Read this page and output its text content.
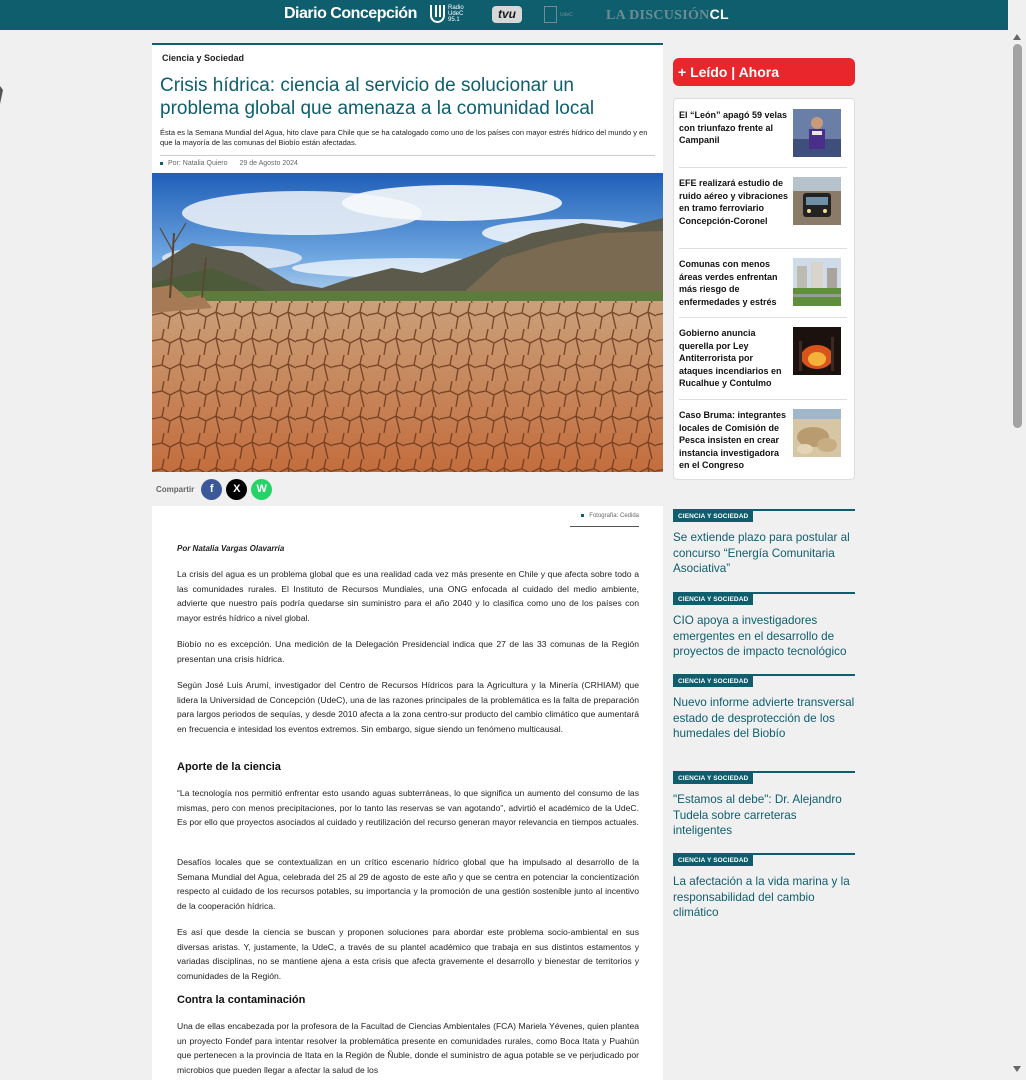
Diario Concepción	Radio UdeC 95.1	tvu	UdeC LA DISCUSIÓNCL
Ciencia y Sociedad
Crisis hídrica: ciencia al servicio de solucionar un problema global que amenaza a la comunidad local
Ésta es la Semana Mundial del Agua, hito clave para Chile que se ha catalogado como uno de los países con mayor estrés hídrico del mundo y en que la mayoría de las comunas del Biobío están afectadas.
Por: Natalia Quiero 29 de Agosto 2024
Compartir	f	X	W
Fotografía: Cedida
Por Natalia Vargas Olavarría

La crisis del agua es un problema global que es una realidad cada vez más presente en Chile y que afecta sobre todo a las comunidades rurales. El Instituto de Recursos Mundiales, una ONG enfocada al cuidado del medio ambiente, advierte que nuestro país podría quedarse sin suministro para el año 2040 y lo clasifica como uno de los países con mayor estrés hídrico a nivel global.

Biobío no es excepción. Una medición de la Delegación Presidencial indica que 27 de las 33 comunas de la Región presentan una crisis hídrica.

Según José Luis Arumí, investigador del Centro de Recursos Hídricos para la Agricultura y la Minería (CRHIAM) que lidera la Universidad de Concepción (UdeC), una de las razones principales de la problemática es la falta de preparación para largos periodos de sequías, y desde 2010 afecta a la zona centro-sur producto del cambio climático que aumentará en frecuencia e intesidad los eventos extremos. Sin embargo, sigue siendo un fenómeno multicausal.

Aporte de la ciencia

“La tecnología nos permitió enfrentar esto usando aguas subterráneas, lo que significa un aumento del consumo de las mismas, pero con menos precipitaciones, por lo tanto las reservas se van agotando”, advirtió el académico de la UdeC. Es por ello que proyectos asociados al cuidado y reutilización del recurso generan mayor relevancia en tiempos actuales.

Desafíos locales que se contextualizan en un crítico escenario hídrico global que ha impulsado al desarrollo de la Semana Mundial del Agua, celebrada del 25 al 29 de agosto de este año y que se centra en potenciar la concientización respecto al cuidado de los recursos potables, su importancia y la promoción de una gestión sostenible junto al incentivo de la cooperación hídrica.

Es así que desde la ciencia se buscan y proponen soluciones para abordar este problema socio-ambiental en sus diversas aristas. Y, justamente, la UdeC, a través de su plantel académico que trabaja en sus distintos estamentos y variadas disciplinas, no se mantiene ajena a esta crisis que afecta gravemente el desarrollo y bienestar de territorios y comunidades de la Región.

Contra la contaminación

Una de ellas encabezada por la profesora de la Facultad de Ciencias Ambientales (FCA) Mariela Yévenes, quien plantea un proyecto Fondef para intentar resolver la problemática presente en comunidades rurales, como Boca Itata y Puahún que pertenecen a la provincia de Itata en la Región de Ñuble, donde el suministro de agua potable se ve perjudicado por microbios que pueden llegar a afectar la salud de los

+ Leído | Ahora
El “León” apagó 59 velas con triunfazo frente al Campanil
EFE realizará estudio de ruido aéreo y vibraciones en tramo ferroviario Concepción-Coronel
Comunas con menos áreas verdes enfrentan más riesgo de enfermedades y estrés
Gobierno anuncia querella por Ley Antiterrorista por ataques incendiarios en Rucalhue y Contulmo
Caso Bruma: integrantes locales de Comisión de Pesca insisten en crear instancia investigadora en el Congreso
CIENCIA Y SOCIEDAD
Se extiende plazo para postular al concurso “Energía Comunitaria Asociativa”
CIENCIA Y SOCIEDAD
CIO apoya a investigadores emergentes en el desarrollo de proyectos de impacto tecnológico
CIENCIA Y SOCIEDAD
Nuevo informe advierte transversal estado de desprotección de los humedales del Biobío
CIENCIA Y SOCIEDAD
"Estamos al debe": Dr. Alejandro Tudela sobre carreteras inteligentes
CIENCIA Y SOCIEDAD
La afectación a la vida marina y la responsabilidad del cambio climático
